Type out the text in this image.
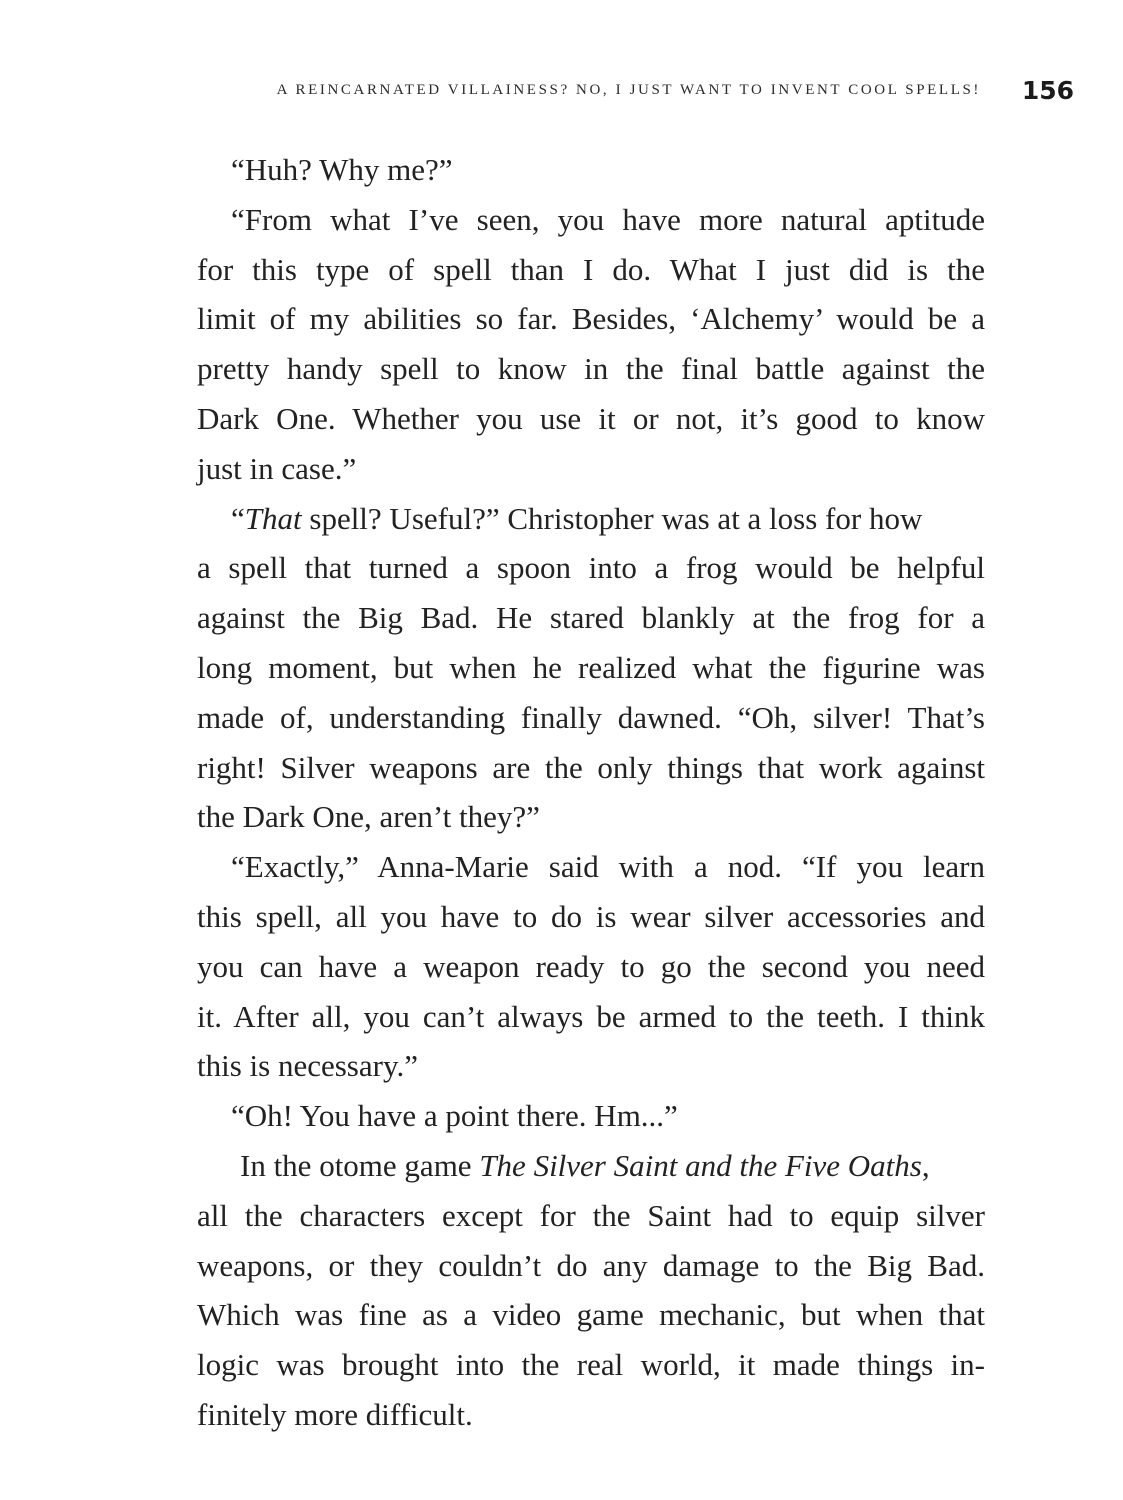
A REINCARNATED VILLAINESS? NO, I JUST WANT TO INVENT COOL SPELLS! 156
“Huh? Why me?”
“From what I’ve seen, you have more natural aptitude
for this type of spell than I do. What I just did is the
limit of my abilities so far. Besides, ‘Alchemy’ would be a
pretty handy spell to know in the final battle against the
Dark One. Whether you use it or not, it’s good to know
just in case.”
“That spell? Useful?” Christopher was at a loss for how
a spell that turned a spoon into a frog would be helpful
against the Big Bad. He stared blankly at the frog for a
long moment, but when he realized what the figurine was
made of, understanding finally dawned. “Oh, silver! That’s
right! Silver weapons are the only things that work against
the Dark One, aren’t they?”
“Exactly,” Anna-Marie said with a nod. “If you learn
this spell, all you have to do is wear silver accessories and
you can have a weapon ready to go the second you need
it. After all, you can’t always be armed to the teeth. I think
this is necessary.”
“Oh! You have a point there. Hm...”
In the otome game The Silver Saint and the Five Oaths,
all the characters except for the Saint had to equip silver
weapons, or they couldn’t do any damage to the Big Bad.
Which was fine as a video game mechanic, but when that
logic was brought into the real world, it made things in-
finitely more difficult.
